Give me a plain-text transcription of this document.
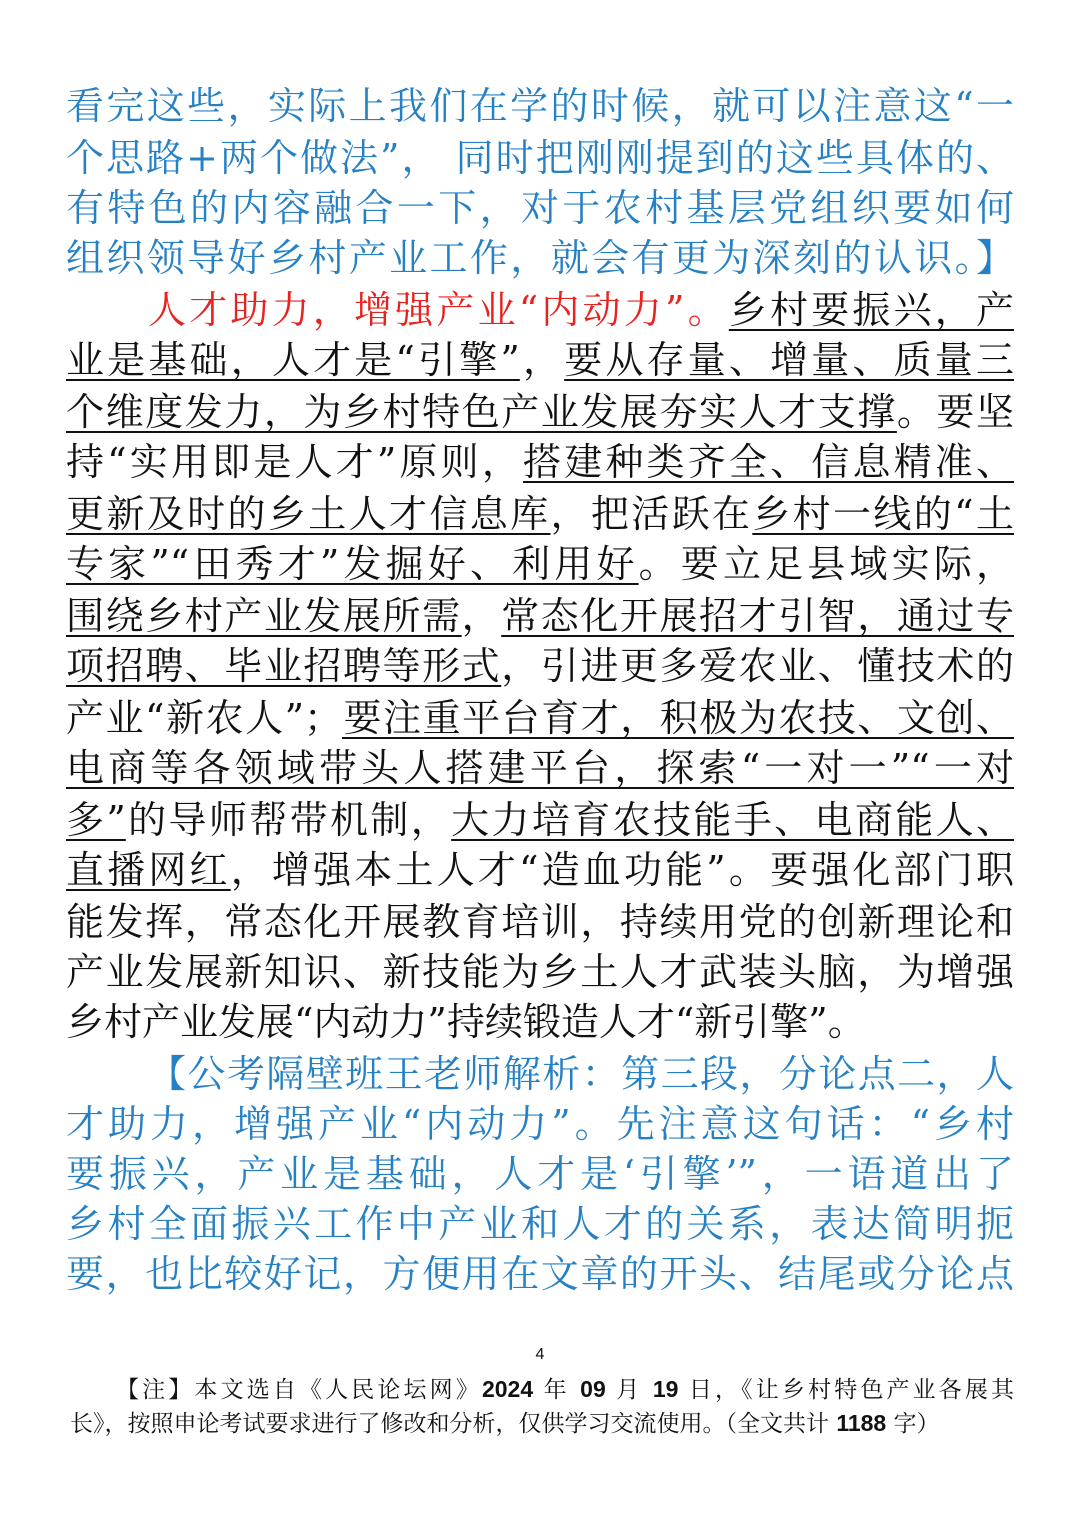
看完这些，实际上我们在学的时候，就可以注意这“一
个思路+两个做法”， 同时把刚刚提到的这些具体的、
有特色的内容融合一下，对于农村基层党组织要如何
组织领导好乡村产业工作，就会有更为深刻的认识。】
人才助力，增强产业“内动力”。乡村要振兴，产
业是基础，人才是“引擎”，要从存量、增量、质量三
个维度发力，为乡村特色产业发展夯实人才支撑。要坚
持“实用即是人才”原则，搭建种类齐全、信息精准、
更新及时的乡土人才信息库，把活跃在乡村一线的“土
专家”“田秀才”发掘好、利用好。要立足县域实际，
围绕乡村产业发展所需，常态化开展招才引智，通过专
项招聘、毕业招聘等形式，引进更多爱农业、懂技术的
产业“新农人”；要注重平台育才，积极为农技、文创、
电商等各领域带头人搭建平台，探索“一对一”“一对
多”的导师帮带机制，大力培育农技能手、电商能人、
直播网红，增强本土人才“造血功能”。要强化部门职
能发挥，常态化开展教育培训，持续用党的创新理论和
产业发展新知识、新技能为乡土人才武装头脑，为增强
乡村产业发展“内动力”持续锻造人才“新引擎”。
【公考隔壁班王老师解析：第三段，分论点二，人
才助力，增强产业“内动力”。先注意这句话：“乡村
要振兴，产业是基础，人才是‘引擎’”，一语道出了
乡村全面振兴工作中产业和人才的关系，表达简明扼
要，也比较好记，方便用在文章的开头、结尾或分论点
4
【注】本文选自《人民论坛网》2024 年 09 月 19 日，《让乡村特色产业各展其
长》，按照申论考试要求进行了修改和分析，仅供学习交流使用。（全文共计 1188 字）
